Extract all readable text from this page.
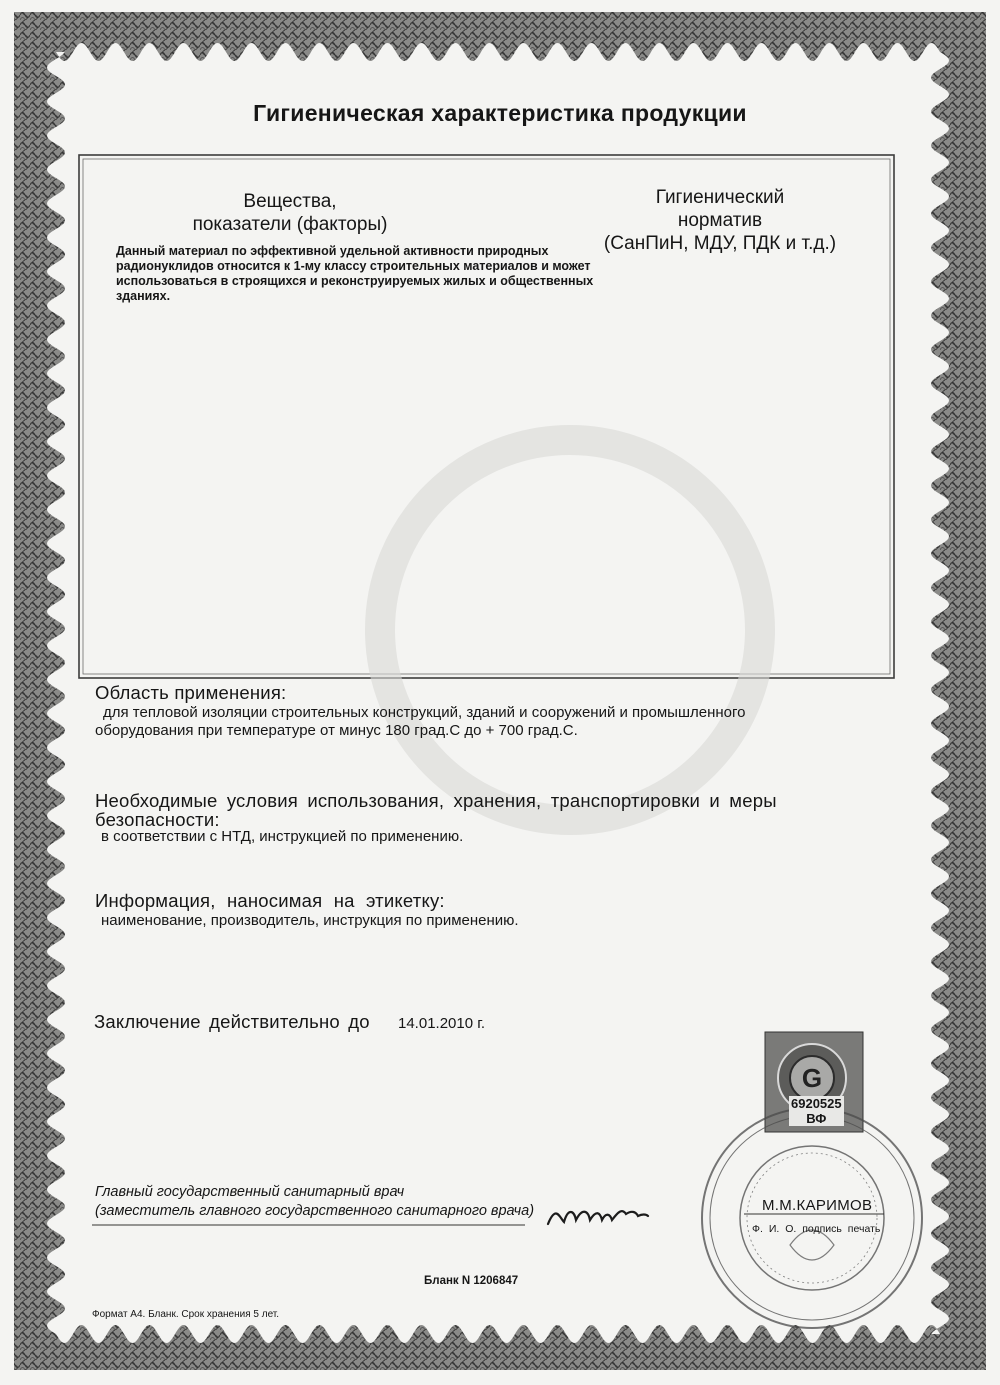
G
Гигиеническая характеристика продукции
Вещества,
показатели (факторы)
Гигиенический
норматив
(СанПиН, МДУ, ПДК и т.д.)

Данный материал по эффективной удельной активности природных радионуклидов относится к 1-му классу строительных материалов и может использоваться в строящихся и реконструируемых жилых и общественных зданиях.

Область применения:
для тепловой изоляции строительных конструкций, зданий и сооружений и промышленного
оборудования при температуре от минус 180 град.С до + 700 град.С.
Необходимые условия использования, хранения, транспортировки и меры
безопасности:
в соответствии с НТД, инструкцией по применению.
Информация, наносимая на этикетку:
наименование, производитель, инструкция по применению.
Заключение действительно до 14.01.2010 г.
6920525
ВФ
Главный государственный санитарный врач
(заместитель главного государственного санитарного врача)	М.М.КАРИМОВ
Ф. И. О. подпись печать
Бланк N 1206847
Формат А4. Бланк. Срок хранения 5 лет.
